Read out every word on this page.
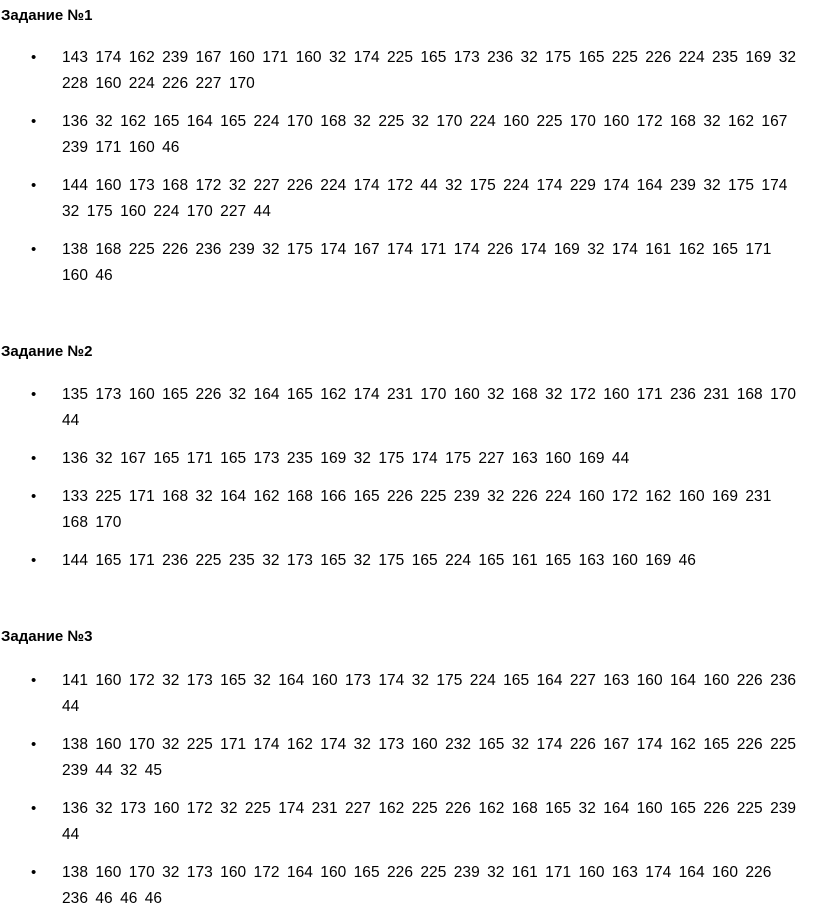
Задание №1

• 143 174 162 239 167 160 171 160 32 174 225 165 173 236 32 175 165 225 226 224 235 169 32 228 160 224 226 227 170
• 136 32 162 165 164 165 224 170 168 32 225 32 170 224 160 225 170 160 172 168 32 162 167 239 171 160 46
• 144 160 173 168 172 32 227 226 224 174 172 44 32 175 224 174 229 174 164 239 32 175 174 32 175 160 224 170 227 44
• 138 168 225 226 236 239 32 175 174 167 174 171 174 226 174 169 32 174 161 162 165 171 160 46

Задание №2

• 135 173 160 165 226 32 164 165 162 174 231 170 160 32 168 32 172 160 171 236 231 168 170 44
• 136 32 167 165 171 165 173 235 169 32 175 174 175 227 163 160 169 44
• 133 225 171 168 32 164 162 168 166 165 226 225 239 32 226 224 160 172 162 160 169 231 168 170
• 144 165 171 236 225 235 32 173 165 32 175 165 224 165 161 165 163 160 169 46

Задание №3

• 141 160 172 32 173 165 32 164 160 173 174 32 175 224 165 164 227 163 160 164 160 226 236 44
• 138 160 170 32 225 171 174 162 174 32 173 160 232 165 32 174 226 167 174 162 165 226 225 239 44 32 45
• 136 32 173 160 172 32 225 174 231 227 162 225 226 162 168 165 32 164 160 165 226 225 239 44
• 138 160 170 32 173 160 172 164 160 165 226 225 239 32 161 171 160 163 174 164 160 226 236 46 46 46
